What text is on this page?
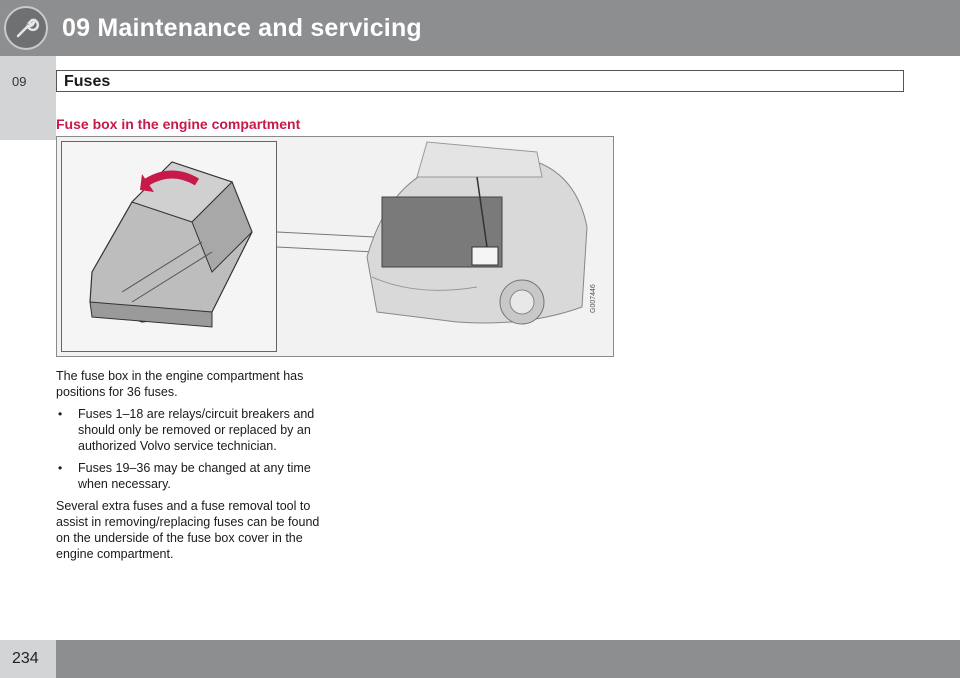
09 Maintenance and servicing
09 Fuses
Fuse box in the engine compartment
G007446

The fuse box in the engine compartment has positions for 36 fuses.

• Fuses 1–18 are relays/circuit breakers and should only be removed or replaced by an authorized Volvo service technician.
• Fuses 19–36 may be changed at any time when necessary.

Several extra fuses and a fuse removal tool to assist in removing/replacing fuses can be found on the underside of the fuse box cover in the engine compartment.

234
